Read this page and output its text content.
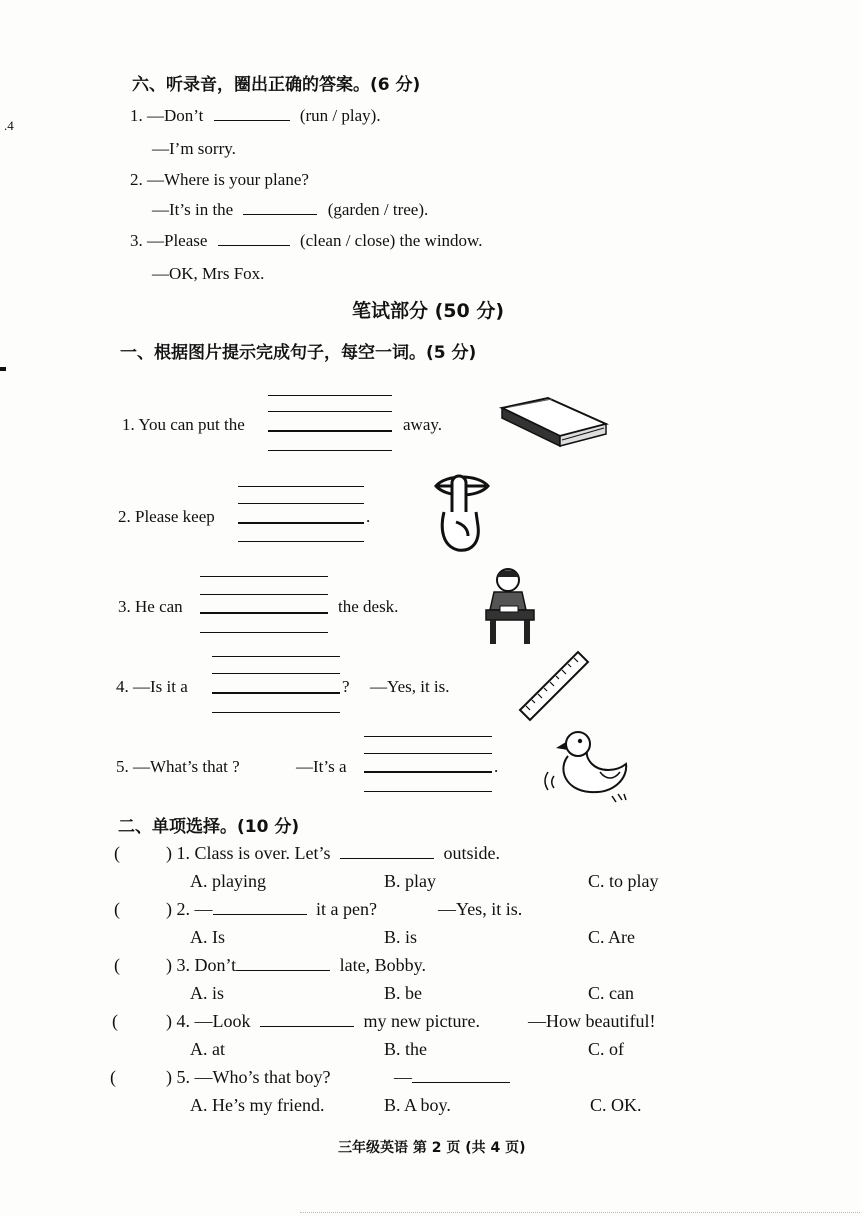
.4
六、听录音，圈出正确的答案。(6 分)
1. —Don’t	(run / play).
—I’m sorry.
2. —Where is your plane?
—It’s in the	(garden / tree).
3. —Please	(clean / close) the window.
—OK, Mrs Fox.
笔试部分 (50 分)
一、根据图片提示完成句子，每空一词。(5 分)
1. You can put the	away.
2. Please keep	.
3. He can	the desk.
4. —Is it a	? —Yes, it is.
5. —What’s that ?	—It’s a	.
二、单项选择。(10 分)
(	) 1. Class is over. Let’s	outside.
A. playing	B. play	C. to play
(	) 2. —	it a pen?	—Yes, it is.
A. Is	B. is	C. Are
(	) 3. Don’t	late, Bobby.
A. is	B. be	C. can
(	) 4. —Look	my new picture.	—How beautiful!
A. at	B. the	C. of
(	) 5. —Who’s that boy?	—
A. He’s my friend.	B. A boy.	C. OK.
三年级英语 第 2 页 (共 4 页)
